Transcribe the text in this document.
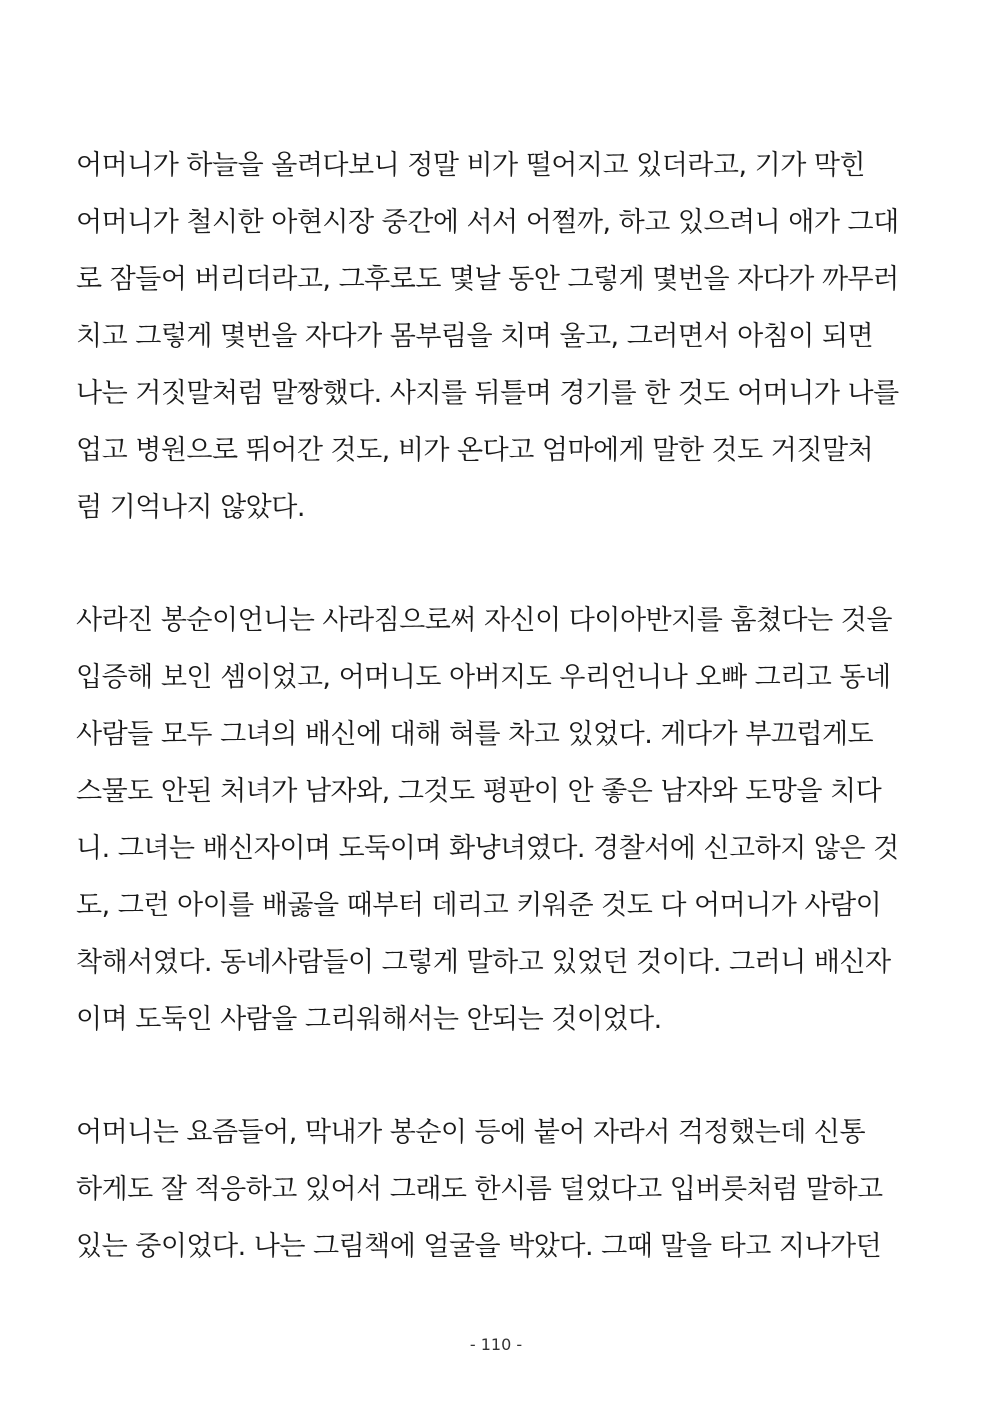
어머니가 하늘을 올려다보니 정말 비가 떨어지고 있더라고, 기가 막힌
어머니가 철시한 아현시장 중간에 서서 어쩔까, 하고 있으려니 애가 그대
로 잠들어 버리더라고, 그후로도 몇날 동안 그렇게 몇번을 자다가 까무러
치고 그렇게 몇번을 자다가 몸부림을 치며 울고, 그러면서 아침이 되면
나는 거짓말처럼 말짱했다. 사지를 뒤틀며 경기를 한 것도 어머니가 나를
업고 병원으로 뛰어간 것도, 비가 온다고 엄마에게 말한 것도 거짓말처
럼 기억나지 않았다.
사라진 봉순이언니는 사라짐으로써 자신이 다이아반지를 훔쳤다는 것을
입증해 보인 셈이었고, 어머니도 아버지도 우리언니나 오빠 그리고 동네
사람들 모두 그녀의 배신에 대해 혀를 차고 있었다. 게다가 부끄럽게도
스물도 안된 처녀가 남자와, 그것도 평판이 안 좋은 남자와 도망을 치다
니. 그녀는 배신자이며 도둑이며 화냥녀였다. 경찰서에 신고하지 않은 것
도, 그런 아이를 배곯을 때부터 데리고 키워준 것도 다 어머니가 사람이
착해서였다. 동네사람들이 그렇게 말하고 있었던 것이다. 그러니 배신자
이며 도둑인 사람을 그리워해서는 안되는 것이었다.
어머니는 요즘들어, 막내가 봉순이 등에 붙어 자라서 걱정했는데 신통
하게도 잘 적응하고 있어서 그래도 한시름 덜었다고 입버릇처럼 말하고
있는 중이었다. 나는 그림책에 얼굴을 박았다. 그때 말을 타고 지나가던
- 110 -
